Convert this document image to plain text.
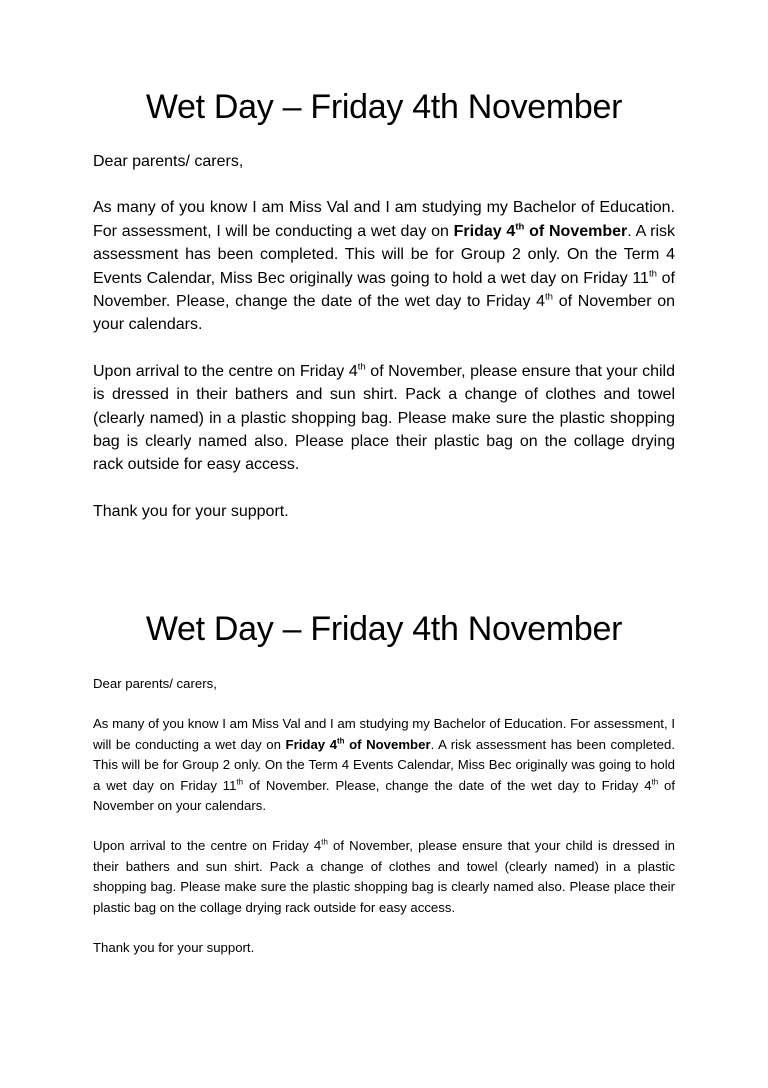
Wet Day – Friday 4th November

Dear parents/ carers,

As many of you know I am Miss Val and I am studying my Bachelor of Education. For assessment, I will be conducting a wet day on Friday 4th of November. A risk assessment has been completed. This will be for Group 2 only. On the Term 4 Events Calendar, Miss Bec originally was going to hold a wet day on Friday 11th of November. Please, change the date of the wet day to Friday 4th of November on your calendars.

Upon arrival to the centre on Friday 4th of November, please ensure that your child is dressed in their bathers and sun shirt. Pack a change of clothes and towel (clearly named) in a plastic shopping bag. Please make sure the plastic shopping bag is clearly named also. Please place their plastic bag on the collage drying rack outside for easy access.

Thank you for your support.

Wet Day – Friday 4th November

Dear parents/ carers,

As many of you know I am Miss Val and I am studying my Bachelor of Education. For assessment, I will be conducting a wet day on Friday 4th of November. A risk assessment has been completed. This will be for Group 2 only. On the Term 4 Events Calendar, Miss Bec originally was going to hold a wet day on Friday 11th of November. Please, change the date of the wet day to Friday 4th of November on your calendars.

Upon arrival to the centre on Friday 4th of November, please ensure that your child is dressed in their bathers and sun shirt. Pack a change of clothes and towel (clearly named) in a plastic shopping bag. Please make sure the plastic shopping bag is clearly named also. Please place their plastic bag on the collage drying rack outside for easy access.

Thank you for your support.
